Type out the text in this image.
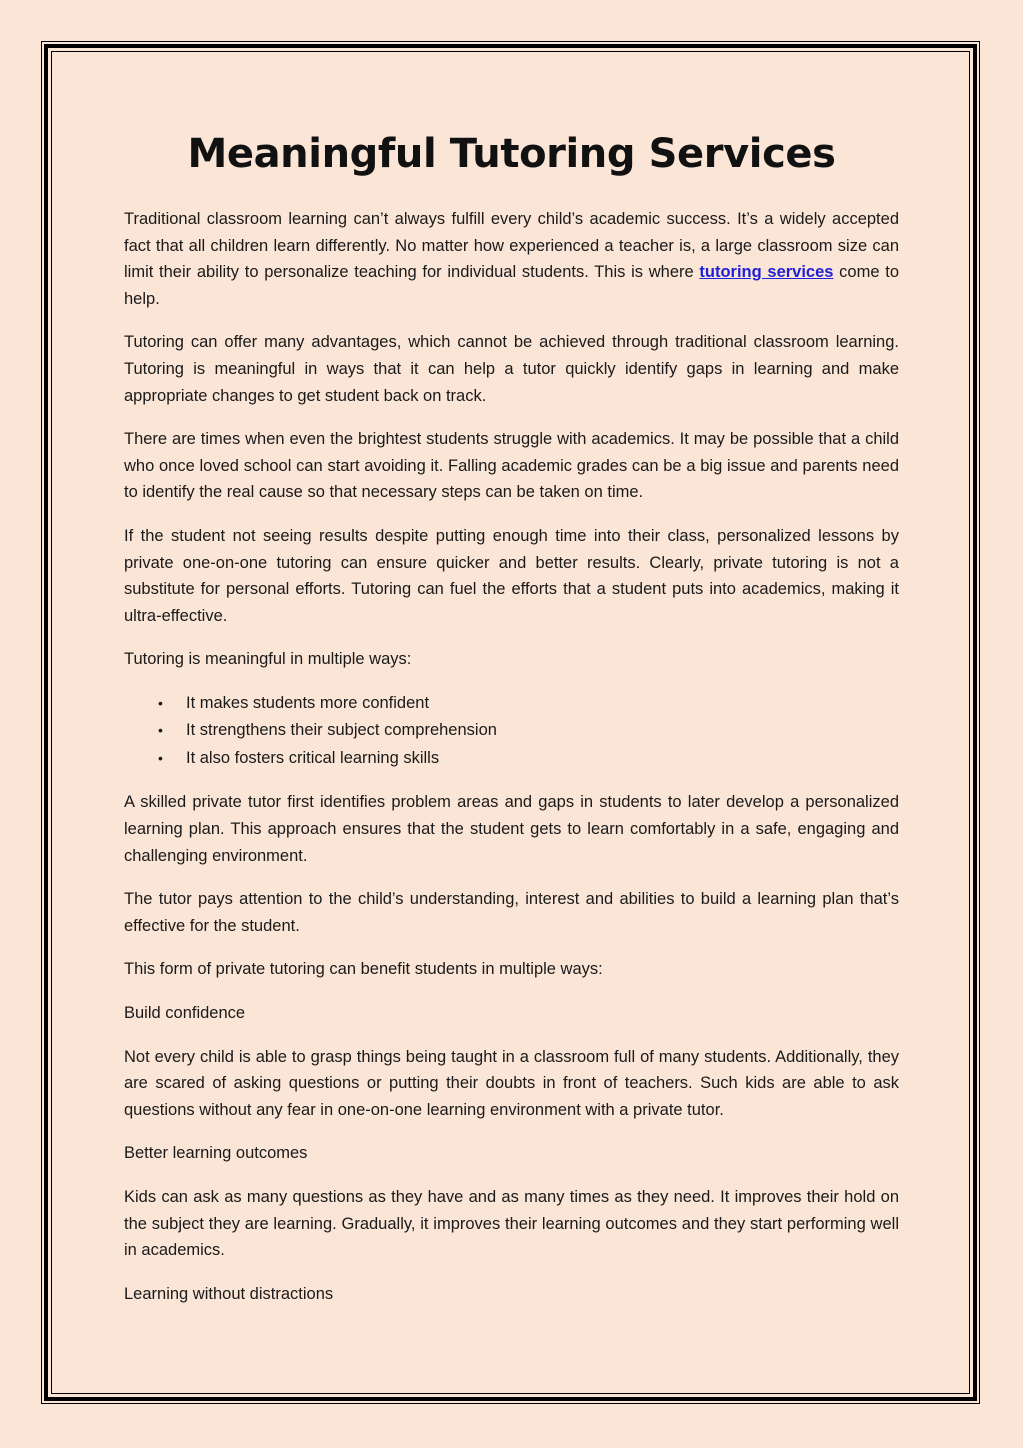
Meaningful Tutoring Services

Traditional classroom learning can’t always fulfill every child’s academic success. It’s a widely accepted fact that all children learn differently. No matter how experienced a teacher is, a large classroom size can limit their ability to personalize teaching for individual students. This is where tutoring services come to help.

Tutoring can offer many advantages, which cannot be achieved through traditional classroom learning. Tutoring is meaningful in ways that it can help a tutor quickly identify gaps in learning and make appropriate changes to get student back on track.

There are times when even the brightest students struggle with academics. It may be possible that a child who once loved school can start avoiding it. Falling academic grades can be a big issue and parents need to identify the real cause so that necessary steps can be taken on time.

If the student not seeing results despite putting enough time into their class, personalized lessons by private one-on-one tutoring can ensure quicker and better results. Clearly, private tutoring is not a substitute for personal efforts. Tutoring can fuel the efforts that a student puts into academics, making it ultra-effective.

Tutoring is meaningful in multiple ways:

• It makes students more confident
• It strengthens their subject comprehension
• It also fosters critical learning skills

A skilled private tutor first identifies problem areas and gaps in students to later develop a personalized learning plan. This approach ensures that the student gets to learn comfortably in a safe, engaging and challenging environment.

The tutor pays attention to the child’s understanding, interest and abilities to build a learning plan that’s effective for the student.

This form of private tutoring can benefit students in multiple ways:

Build confidence

Not every child is able to grasp things being taught in a classroom full of many students. Additionally, they are scared of asking questions or putting their doubts in front of teachers. Such kids are able to ask questions without any fear in one-on-one learning environment with a private tutor.

Better learning outcomes

Kids can ask as many questions as they have and as many times as they need. It improves their hold on the subject they are learning. Gradually, it improves their learning outcomes and they start performing well in academics.

Learning without distractions
